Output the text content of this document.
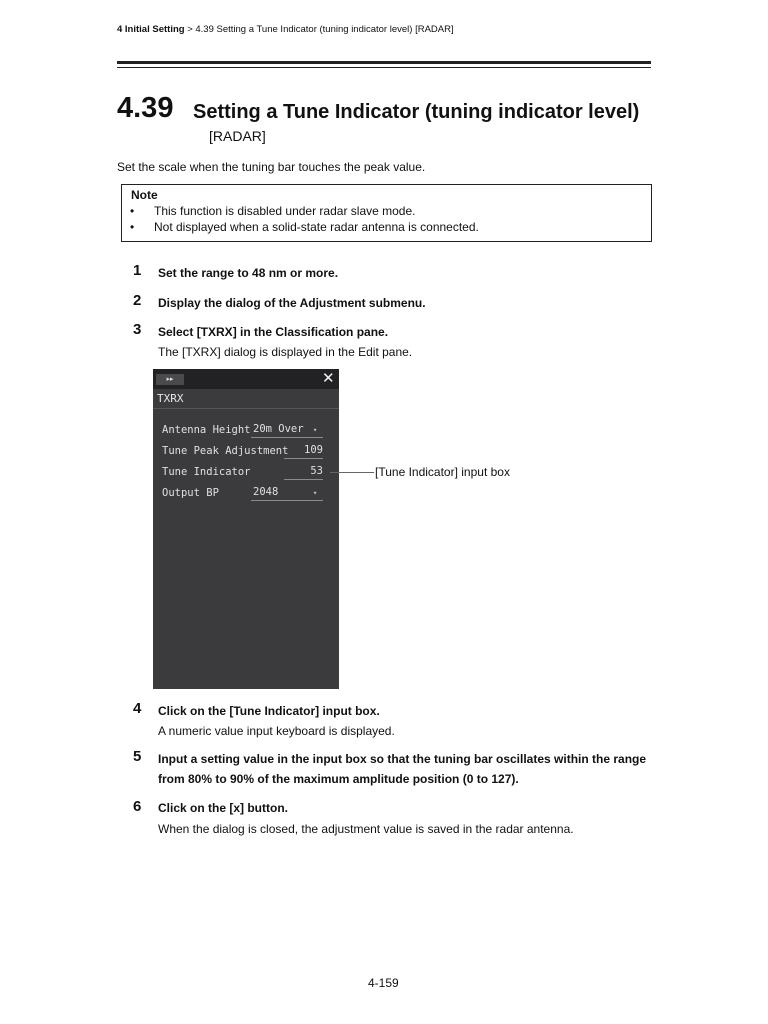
4 Initial Setting > 4.39 Setting a Tune Indicator (tuning indicator level) [RADAR]
4.39 Setting a Tune Indicator (tuning indicator level)[RADAR]
Set the scale when the tuning bar touches the peak value.
Note
• This function is disabled under radar slave mode.
• Not displayed when a solid-state radar antenna is connected.
1 Set the range to 48 nm or more.
2 Display the dialog of the Adjustment submenu.
3 Select [TXRX] in the Classification pane.
The [TXRX] dialog is displayed in the Edit pane.
▸▸	✕
TXRX
Antenna Height 20m Over ▾
Tune Peak Adjustment	109
Tune Indicator	53
Output BP	2048	▾
[Tune Indicator] input box
4 Click on the [Tune Indicator] input box.
A numeric value input keyboard is displayed.
5 Input a setting value in the input box so that the tuning bar oscillates within the range from 80% to 90% of the maximum amplitude position (0 to 127).
6 Click on the [x] button.
When the dialog is closed, the adjustment value is saved in the radar antenna.
4-159
